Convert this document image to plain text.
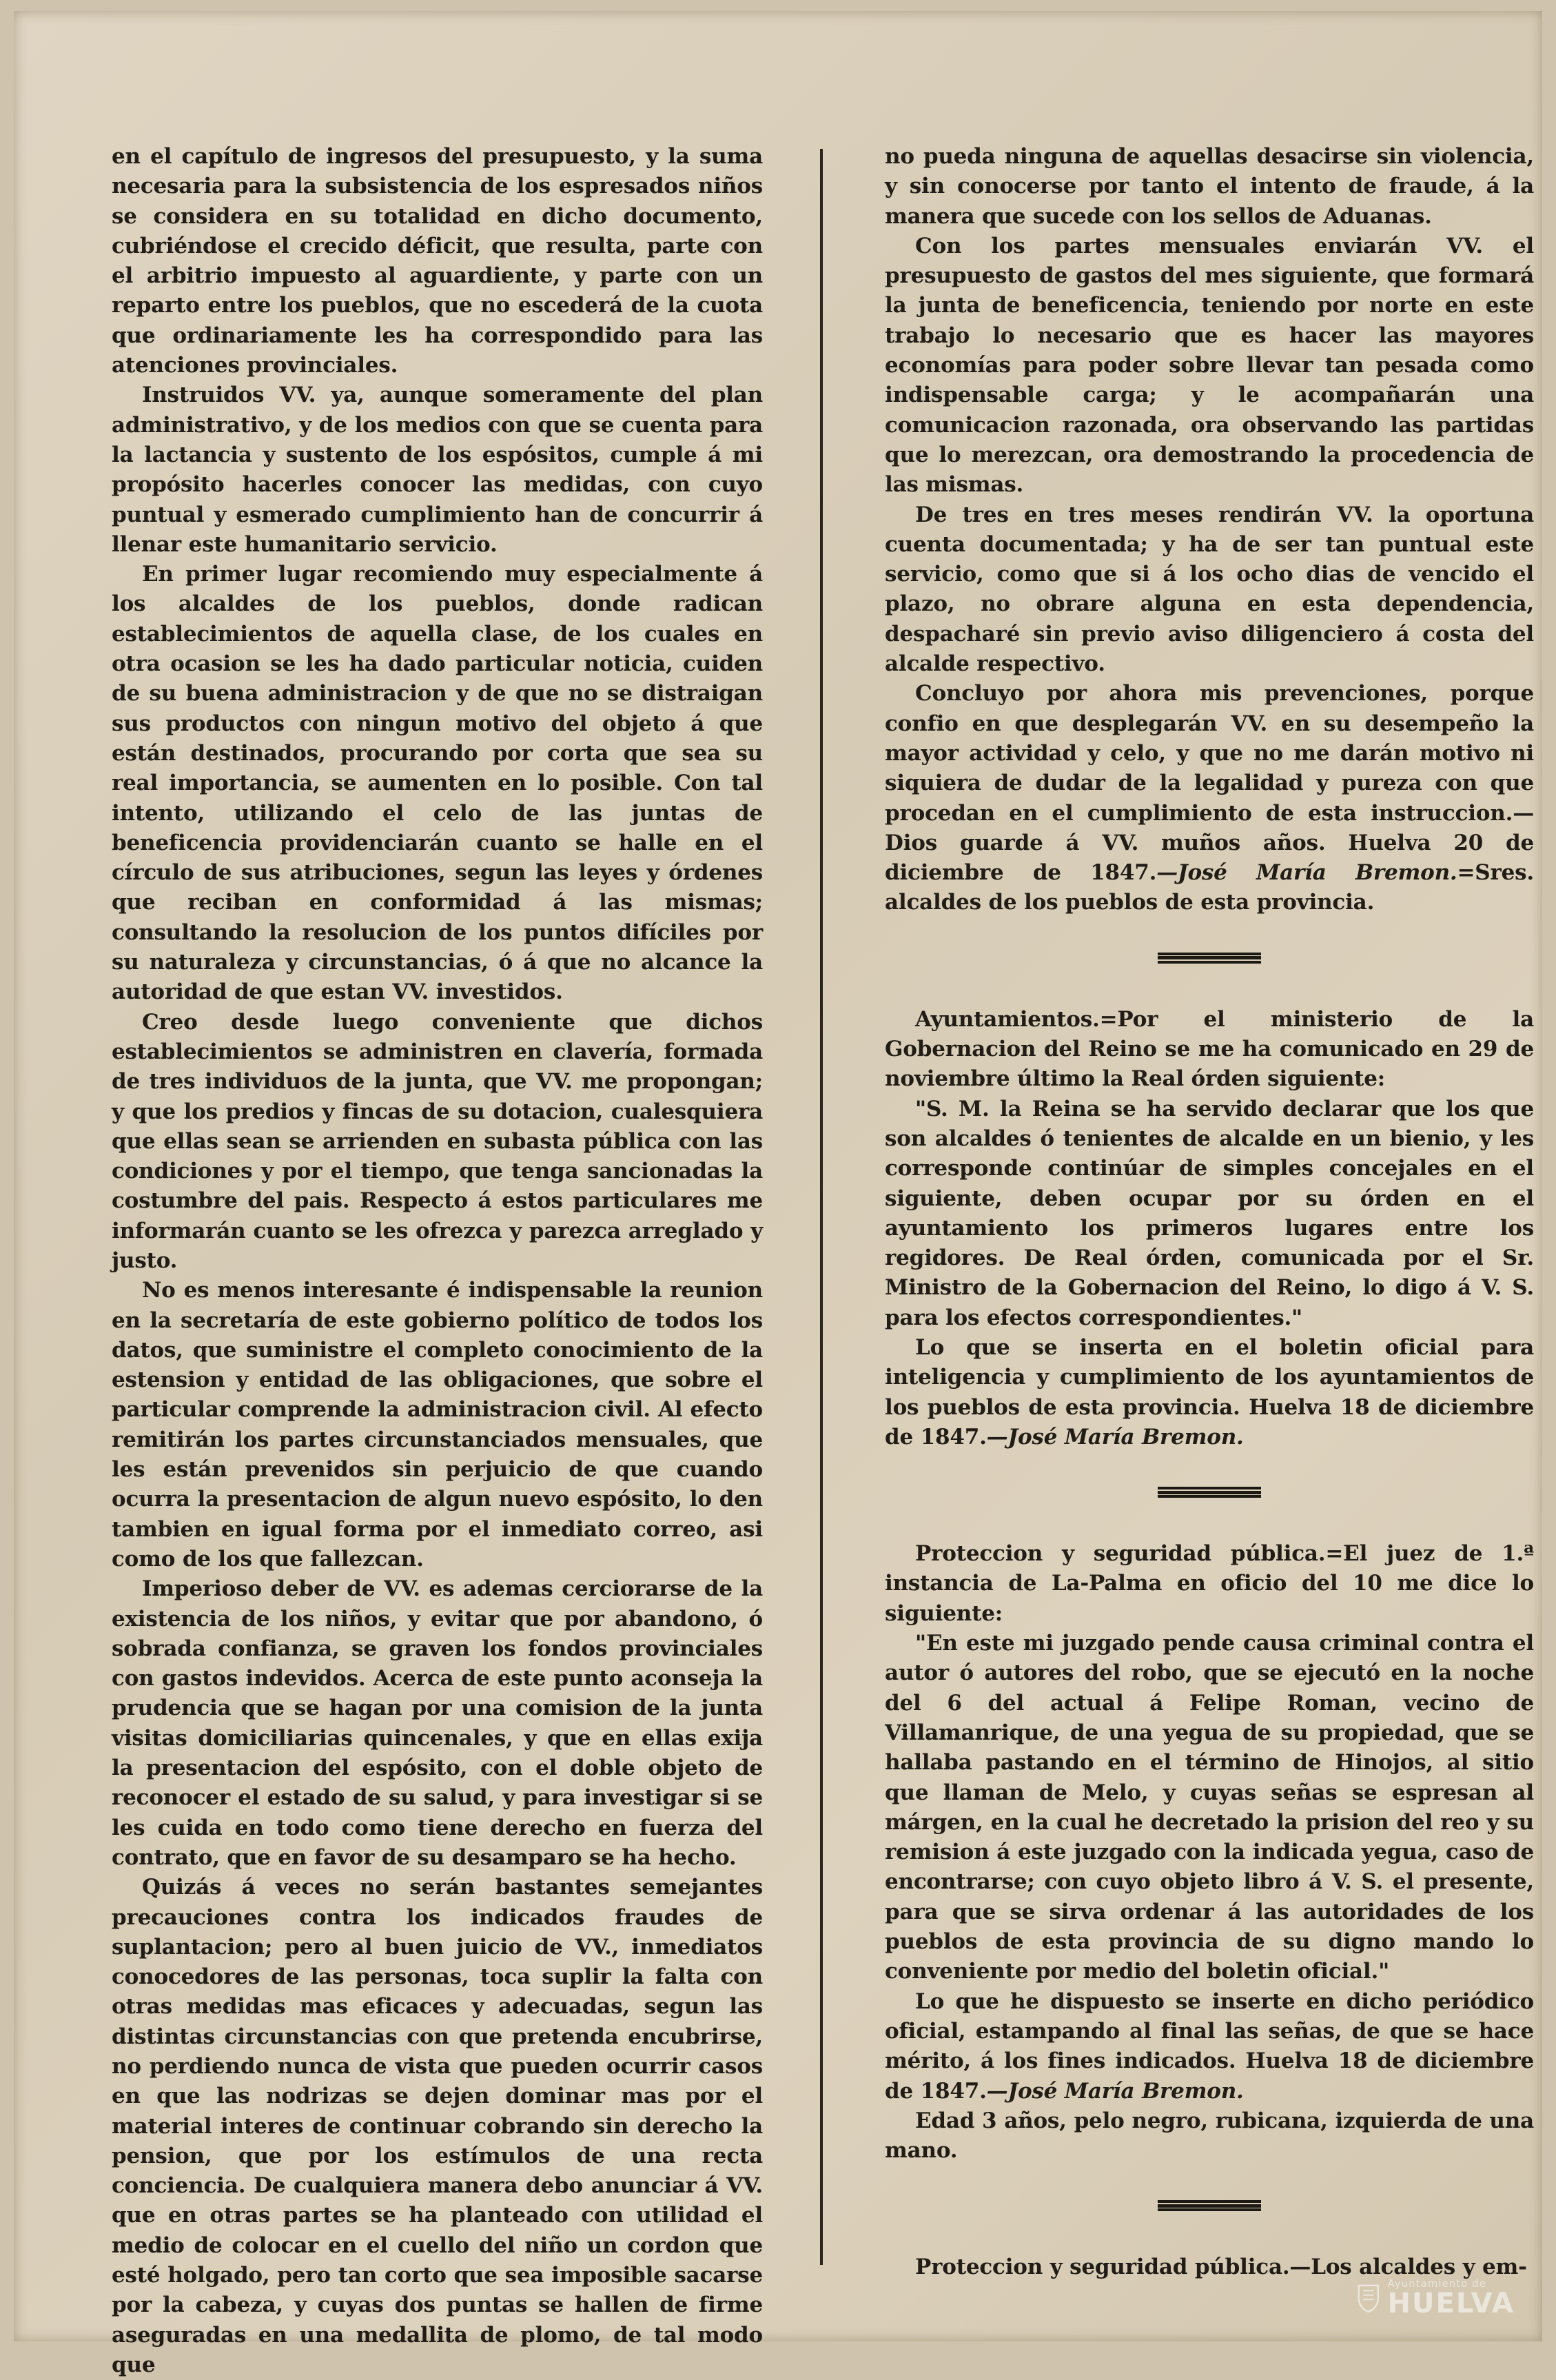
en el capítulo de ingresos del presupuesto, y la suma necesaria para la subsistencia de los espresados niños se considera en su totalidad en dicho documento, cubriéndose el crecido déficit, que resulta, parte con el arbitrio impuesto al aguardiente, y parte con un reparto entre los pueblos, que no escederá de la cuota que ordinariamente les ha correspondido para las atenciones provinciales.

Instruidos VV. ya, aunque someramente del plan administrativo, y de los medios con que se cuenta para la lactancia y sustento de los espósitos, cumple á mi propósito hacerles conocer las medidas, con cuyo puntual y esmerado cumplimiento han de concurrir á llenar este humanitario servicio.

En primer lugar recomiendo muy especialmente á los alcaldes de los pueblos, donde radican establecimientos de aquella clase, de los cuales en otra ocasion se les ha dado particular noticia, cuiden de su buena administracion y de que no se distraigan sus productos con ningun motivo del objeto á que están destinados, procurando por corta que sea su real importancia, se aumenten en lo posible. Con tal intento, utilizando el celo de las juntas de beneficencia providenciarán cuanto se halle en el círculo de sus atribuciones, segun las leyes y órdenes que reciban en conformidad á las mismas; consultando la resolucion de los puntos difíciles por su naturaleza y circunstancias, ó á que no alcance la autoridad de que estan VV. investidos.

Creo desde luego conveniente que dichos establecimientos se administren en clavería, formada de tres individuos de la junta, que VV. me propongan; y que los predios y fincas de su dotacion, cualesquiera que ellas sean se arrienden en subasta pública con las condiciones y por el tiempo, que tenga sancionadas la costumbre del pais. Respecto á estos particulares me informarán cuanto se les ofrezca y parezca arreglado y justo.

No es menos interesante é indispensable la reunion en la secretaría de este gobierno político de todos los datos, que suministre el completo conocimiento de la estension y entidad de las obligaciones, que sobre el particular comprende la administracion civil. Al efecto remitirán los partes circunstanciados mensuales, que les están prevenidos sin perjuicio de que cuando ocurra la presentacion de algun nuevo espósito, lo den tambien en igual forma por el inmediato correo, asi como de los que fallezcan.

Imperioso deber de VV. es ademas cerciorarse de la existencia de los niños, y evitar que por abandono, ó sobrada confianza, se graven los fondos provinciales con gastos indevidos. Acerca de este punto aconseja la prudencia que se hagan por una comision de la junta visitas domiciliarias quincenales, y que en ellas exija la presentacion del espósito, con el doble objeto de reconocer el estado de su salud, y para investigar si se les cuida en todo como tiene derecho en fuerza del contrato, que en favor de su desamparo se ha hecho.

Quizás á veces no serán bastantes semejantes precauciones contra los indicados fraudes de suplantacion; pero al buen juicio de VV., inmediatos conocedores de las personas, toca suplir la falta con otras medidas mas eficaces y adecuadas, segun las distintas circunstancias con que pretenda encubrirse, no perdiendo nunca de vista que pueden ocurrir casos en que las nodrizas se dejen dominar mas por el material interes de continuar cobrando sin derecho la pension, que por los estímulos de una recta conciencia. De cualquiera manera debo anunciar á VV. que en otras partes se ha planteado con utilidad el medio de colocar en el cuello del niño un cordon que esté holgado, pero tan corto que sea imposible sacarse por la cabeza, y cuyas dos puntas se hallen de firme aseguradas en una medallita de plomo, de tal modo que

no pueda ninguna de aquellas desacirse sin violencia, y sin conocerse por tanto el intento de fraude, á la manera que sucede con los sellos de Aduanas.

Con los partes mensuales enviarán VV. el presupuesto de gastos del mes siguiente, que formará la junta de beneficencia, teniendo por norte en este trabajo lo necesario que es hacer las mayores economías para poder sobre llevar tan pesada como indispensable carga; y le acompañarán una comunicacion razonada, ora observando las partidas que lo merezcan, ora demostrando la procedencia de las mismas.

De tres en tres meses rendirán VV. la oportuna cuenta documentada; y ha de ser tan puntual este servicio, como que si á los ocho dias de vencido el plazo, no obrare alguna en esta dependencia, despacharé sin previo aviso diligenciero á costa del alcalde respectivo.

Concluyo por ahora mis prevenciones, porque confio en que desplegarán VV. en su desempeño la mayor actividad y celo, y que no me darán motivo ni siquiera de dudar de la legalidad y pureza con que procedan en el cumplimiento de esta instruccion.—Dios guarde á VV. muños años. Huelva 20 de diciembre de 1847.—José María Bremon.=Sres. alcaldes de los pueblos de esta provincia.

Ayuntamientos.=Por el ministerio de la Gobernacion del Reino se me ha comunicado en 29 de noviembre último la Real órden siguiente:

"S. M. la Reina se ha servido declarar que los que son alcaldes ó tenientes de alcalde en un bienio, y les corresponde continúar de simples concejales en el siguiente, deben ocupar por su órden en el ayuntamiento los primeros lugares entre los regidores. De Real órden, comunicada por el Sr. Ministro de la Gobernacion del Reino, lo digo á V. S. para los efectos correspondientes."

Lo que se inserta en el boletin oficial para inteligencia y cumplimiento de los ayuntamientos de los pueblos de esta provincia. Huelva 18 de diciembre de 1847.—José María Bremon.

Proteccion y seguridad pública.=El juez de 1.ª instancia de La-Palma en oficio del 10 me dice lo siguiente:

"En este mi juzgado pende causa criminal contra el autor ó autores del robo, que se ejecutó en la noche del 6 del actual á Felipe Roman, vecino de Villamanrique, de una yegua de su propiedad, que se hallaba pastando en el término de Hinojos, al sitio que llaman de Melo, y cuyas señas se espresan al márgen, en la cual he decretado la prision del reo y su remision á este juzgado con la indicada yegua, caso de encontrarse; con cuyo objeto libro á V. S. el presente, para que se sirva ordenar á las autoridades de los pueblos de esta provincia de su digno mando lo conveniente por medio del boletin oficial."

Lo que he dispuesto se inserte en dicho periódico oficial, estampando al final las señas, de que se hace mérito, á los fines indicados. Huelva 18 de diciembre de 1847.—José María Bremon.

Edad 3 años, pelo negro, rubicana, izquierda de una mano.

Proteccion y seguridad pública.—Los alcaldes y em-

Ayuntamiento de
HUELVA
